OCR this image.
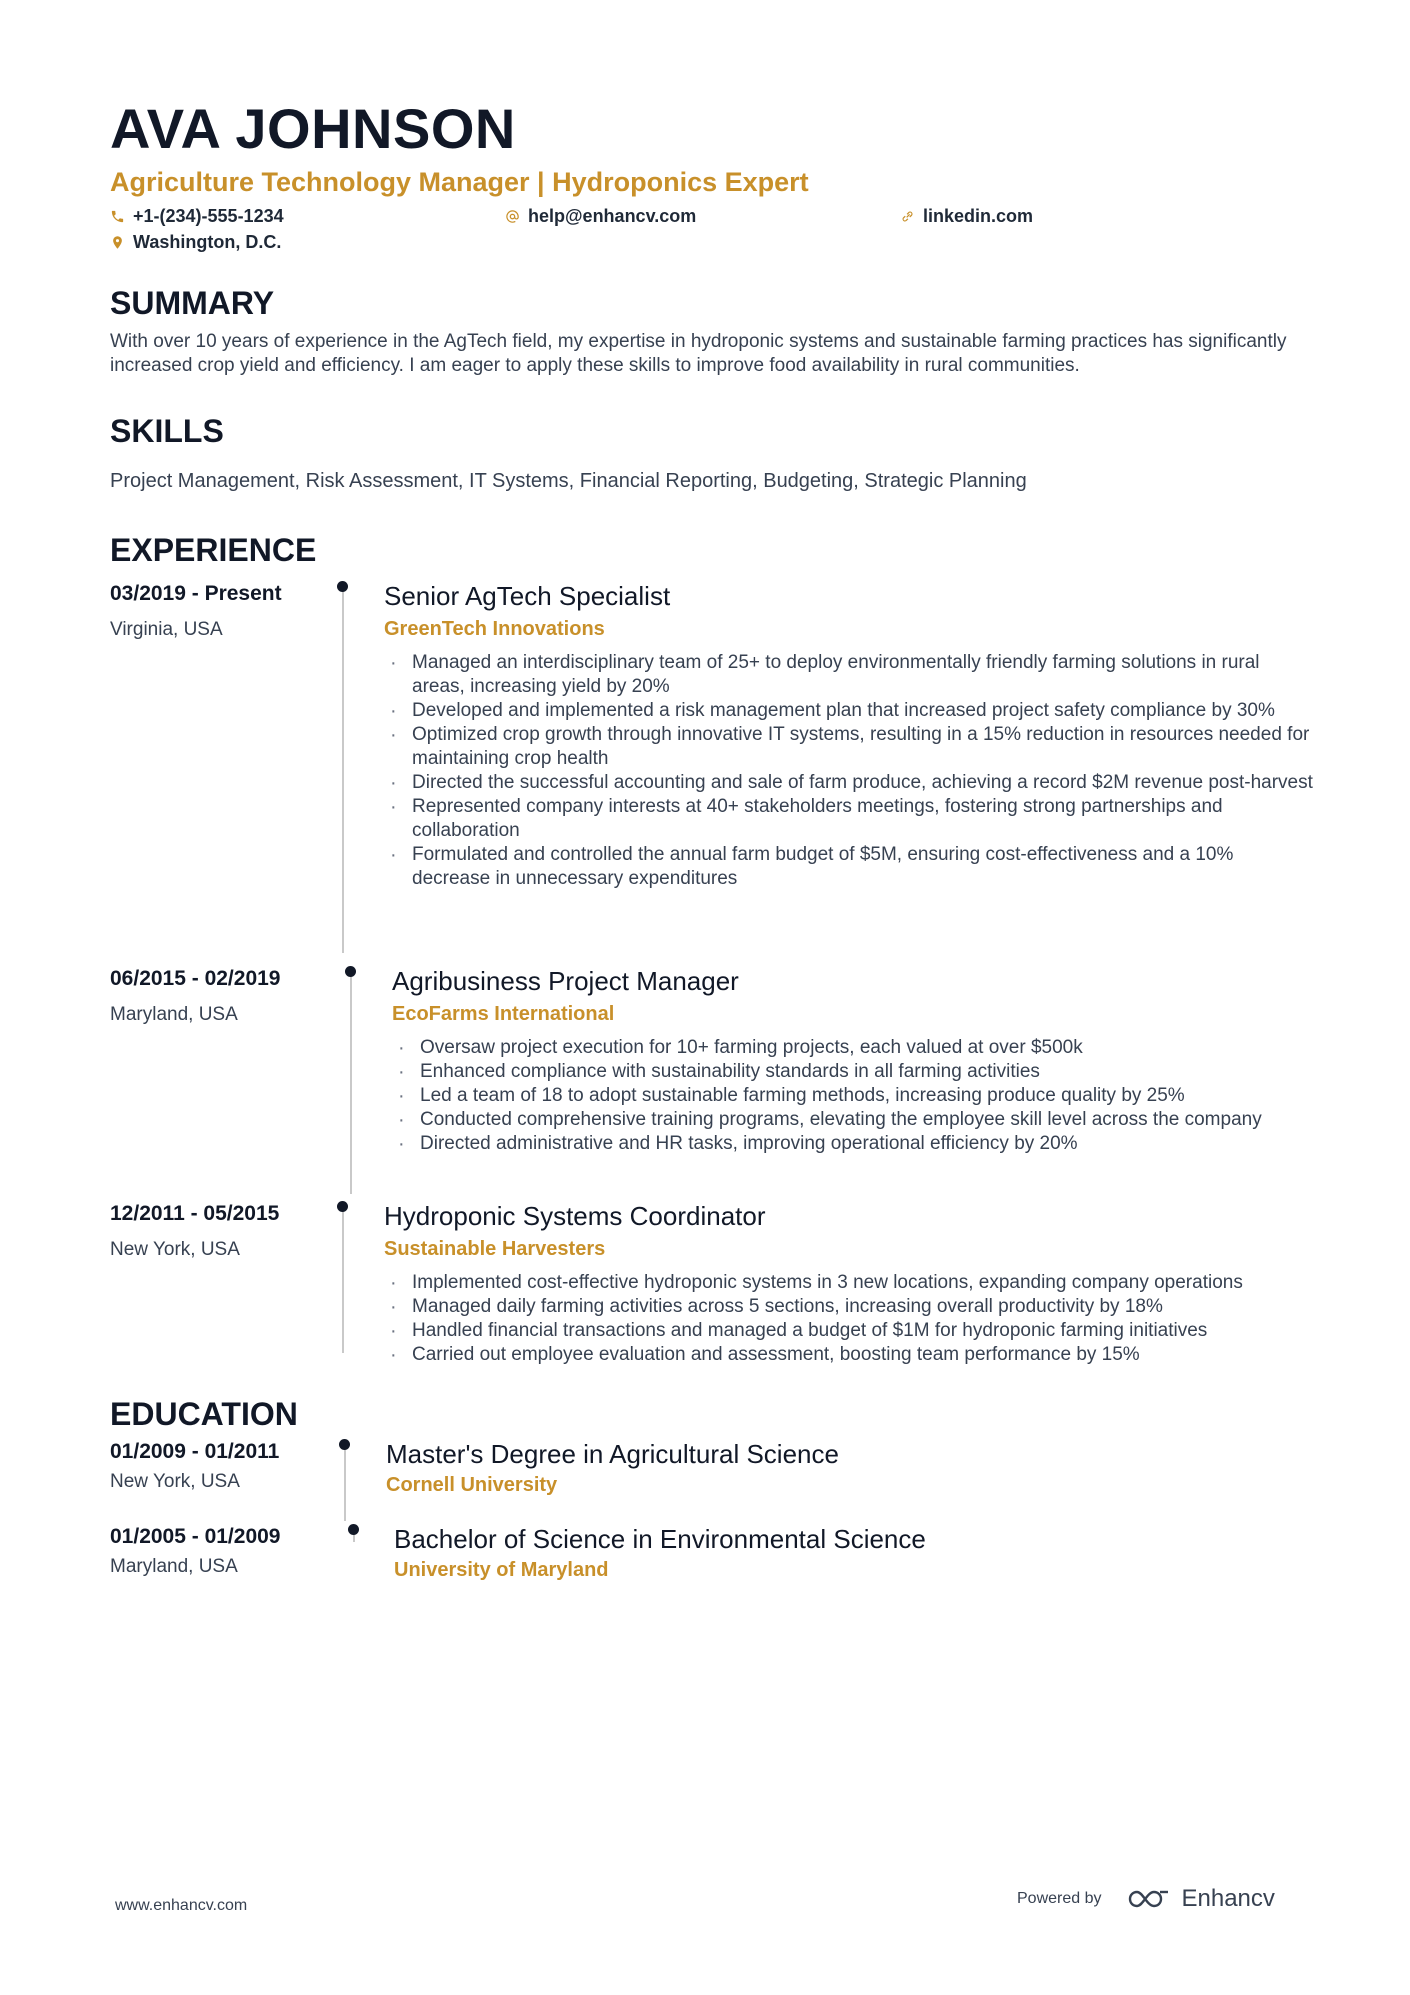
AVA JOHNSON
Agriculture Technology Manager | Hydroponics Expert
+1-(234)-555-1234	help@enhancv.com	linkedin.com
Washington, D.C.
SUMMARY
With over 10 years of experience in the AgTech field, my expertise in hydroponic systems and sustainable farming practices has significantly increased crop yield and efficiency. I am eager to apply these skills to improve food availability in rural communities.
SKILLS
Project Management, Risk Assessment, IT Systems, Financial Reporting, Budgeting, Strategic Planning
EXPERIENCE
03/2019 - Present
Virginia, USA
Senior AgTech Specialist
GreenTech Innovations
· Managed an interdisciplinary team of 25+ to deploy environmentally friendly farming solutions in rural areas, increasing yield by 20%
· Developed and implemented a risk management plan that increased project safety compliance by 30%
· Optimized crop growth through innovative IT systems, resulting in a 15% reduction in resources needed for maintaining crop health
· Directed the successful accounting and sale of farm produce, achieving a record $2M revenue post-harvest
· Represented company interests at 40+ stakeholders meetings, fostering strong partnerships and collaboration
· Formulated and controlled the annual farm budget of $5M, ensuring cost-effectiveness and a 10% decrease in unnecessary expenditures
06/2015 - 02/2019
Maryland, USA
Agribusiness Project Manager
EcoFarms International
· Oversaw project execution for 10+ farming projects, each valued at over $500k
· Enhanced compliance with sustainability standards in all farming activities
· Led a team of 18 to adopt sustainable farming methods, increasing produce quality by 25%
· Conducted comprehensive training programs, elevating the employee skill level across the company
· Directed administrative and HR tasks, improving operational efficiency by 20%
12/2011 - 05/2015
New York, USA
Hydroponic Systems Coordinator
Sustainable Harvesters
· Implemented cost-effective hydroponic systems in 3 new locations, expanding company operations
· Managed daily farming activities across 5 sections, increasing overall productivity by 18%
· Handled financial transactions and managed a budget of $1M for hydroponic farming initiatives
· Carried out employee evaluation and assessment, boosting team performance by 15%
EDUCATION
01/2009 - 01/2011
New York, USA
Master's Degree in Agricultural Science
Cornell University
01/2005 - 01/2009
Maryland, USA
Bachelor of Science in Environmental Science
University of Maryland
www.enhancv.com	Powered by	Enhancv
